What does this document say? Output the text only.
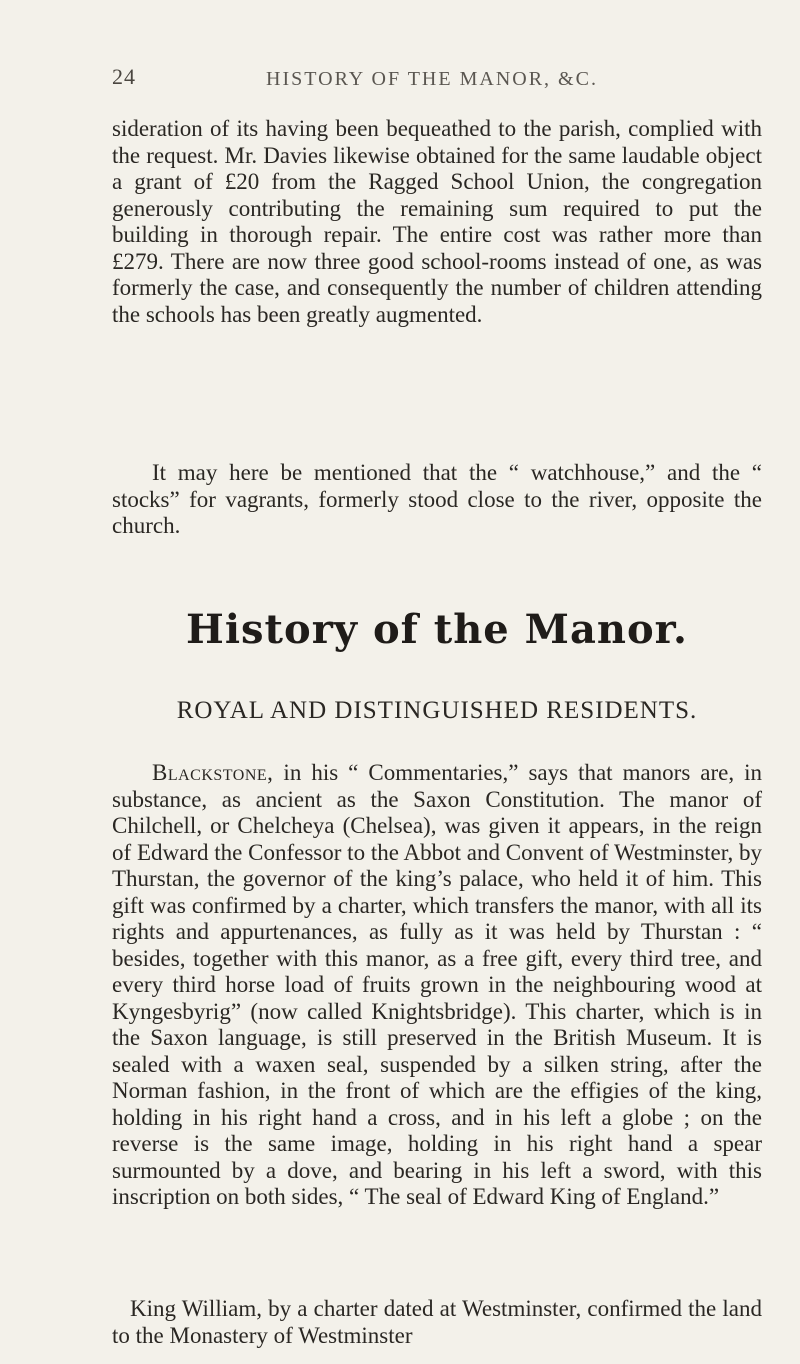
24	HISTORY OF THE MANOR, &C.

sideration of its having been bequeathed to the parish, complied with the request. Mr. Davies likewise obtained for the same laudable object a grant of £20 from the Ragged School Union, the congregation generously contributing the remaining sum required to put the building in thorough repair. The entire cost was rather more than £279. There are now three good school-rooms instead of one, as was formerly the case, and consequently the number of children attending the schools has been greatly augmented.

It may here be mentioned that the “ watchhouse,” and the “ stocks” for vagrants, formerly stood close to the river, opposite the church.

History of the Manor.
ROYAL AND DISTINGUISHED RESIDENTS.

Blackstone, in his “ Commentaries,” says that manors are, in substance, as ancient as the Saxon Constitution. The manor of Chilchell, or Chelcheya (Chelsea), was given it appears, in the reign of Edward the Confessor to the Abbot and Convent of Westminster, by Thurstan, the governor of the king’s palace, who held it of him. This gift was confirmed by a charter, which transfers the manor, with all its rights and appurtenances, as fully as it was held by Thurstan : “ besides, together with this manor, as a free gift, every third tree, and every third horse load of fruits grown in the neighbouring wood at Kyngesbyrig” (now called Knightsbridge). This charter, which is in the Saxon language, is still preserved in the British Museum. It is sealed with a waxen seal, suspended by a silken string, after the Norman fashion, in the front of which are the effigies of the king, holding in his right hand a cross, and in his left a globe ; on the reverse is the same image, holding in his right hand a spear surmounted by a dove, and bearing in his left a sword, with this inscription on both sides, “ The seal of Edward King of England.”

King William, by a charter dated at Westminster, confirmed the land to the Monastery of Westminster
